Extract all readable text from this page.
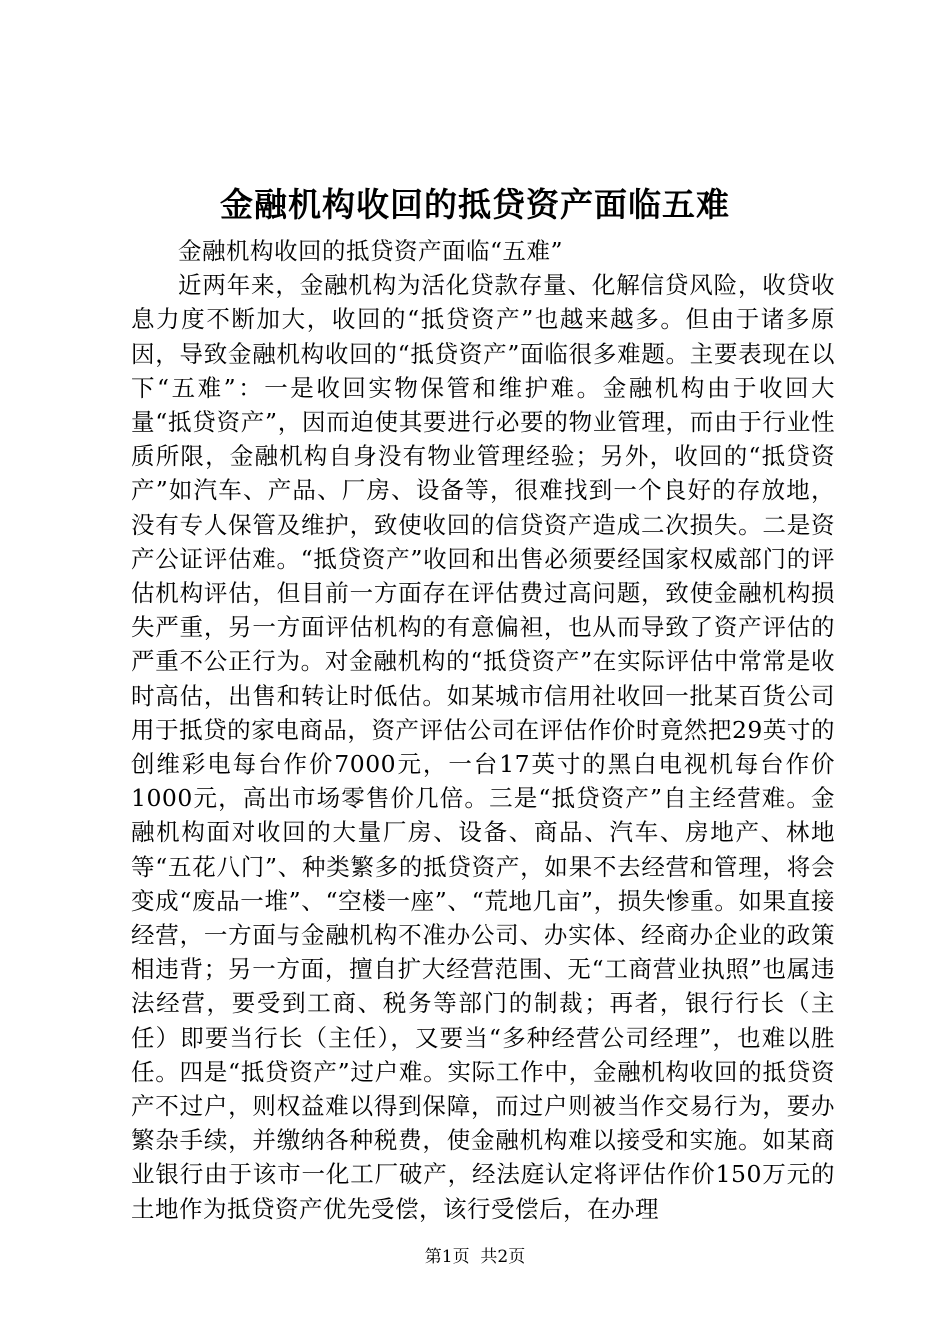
金融机构收回的抵贷资产面临五难

金融机构收回的抵贷资产面临“五难”

近两年来，金融机构为活化贷款存量、化解信贷风险，收贷收息力度不断加大，收回的“抵贷资产”也越来越多。但由于诸多原因，导致金融机构收回的“抵贷资产”面临很多难题。主要表现在以下“五难”：一是收回实物保管和维护难。金融机构由于收回大量“抵贷资产”，因而迫使其要进行必要的物业管理，而由于行业性质所限，金融机构自身没有物业管理经验；另外，收回的“抵贷资产”如汽车、产品、厂房、设备等，很难找到一个良好的存放地，没有专人保管及维护，致使收回的信贷资产造成二次损失。二是资产公证评估难。“抵贷资产”收回和出售必须要经国家权威部门的评估机构评估，但目前一方面存在评估费过高问题，致使金融机构损失严重，另一方面评估机构的有意偏袒，也从而导致了资产评估的严重不公正行为。对金融机构的“抵贷资产”在实际评估中常常是收时高估，出售和转让时低估。如某城市信用社收回一批某百货公司用于抵贷的家电商品，资产评估公司在评估作价时竟然把29英寸的创维彩电每台作价7000元，一台17英寸的黑白电视机每台作价1000元，高出市场零售价几倍。三是“抵贷资产”自主经营难。金融机构面对收回的大量厂房、设备、商品、汽车、房地产、林地等“五花八门”、种类繁多的抵贷资产，如果不去经营和管理，将会变成“废品一堆”、“空楼一座”、“荒地几亩”，损失惨重。如果直接经营，一方面与金融机构不准办公司、办实体、经商办企业的政策相违背；另一方面，擅自扩大经营范围、无“工商营业执照”也属违法经营，要受到工商、税务等部门的制裁；再者，银行行长（主任）即要当行长（主任），又要当“多种经营公司经理”，也难以胜任。四是“抵贷资产”过户难。实际工作中，金融机构收回的抵贷资产不过户，则权益难以得到保障，而过户则被当作交易行为，要办繁杂手续，并缴纳各种税费，使金融机构难以接受和实施。如某商业银行由于该市一化工厂破产，经法庭认定将评估作价150万元的土地作为抵贷资产优先受偿，该行受偿后，在办理

第1页  共2页
